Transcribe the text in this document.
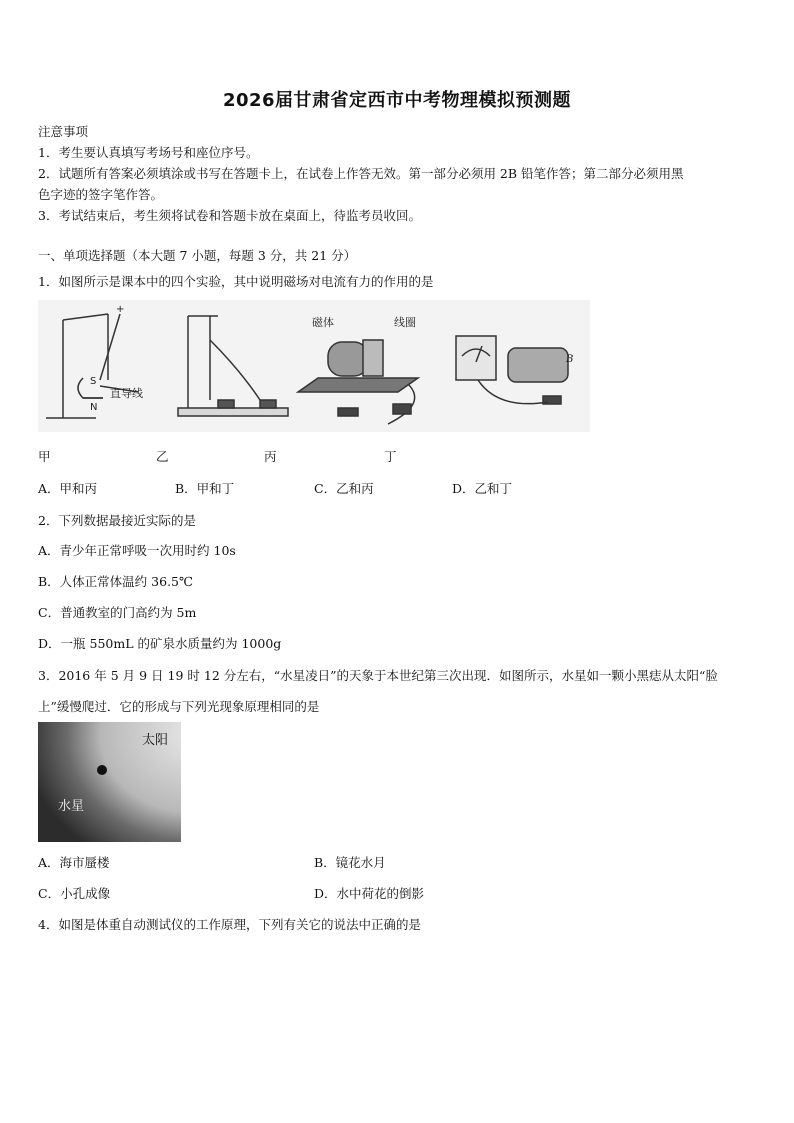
2026届甘肃省定西市中考物理模拟预测题
注意事项
1．考生要认真填写考场号和座位序号。
2．试题所有答案必须填涂或书写在答题卡上，在试卷上作答无效。第一部分必须用 2B 铅笔作答；第二部分必须用黑
色字迹的签字笔作答。
3．考试结束后，考生须将试卷和答题卡放在桌面上，待监考员收回。
一、单项选择题（本大题 7 小题，每题 3 分，共 21 分）
1．如图所示是课本中的四个实验，其中说明磁场对电流有力的作用的是
S
N
+
直导线
磁体	线圈
B
甲	乙	丙	丁
A．甲和丙	B．甲和丁	C．乙和丙	D．乙和丁
2．下列数据最接近实际的是
A．青少年正常呼吸一次用时约 10s
B．人体正常体温约 36.5℃
C．普通教室的门高约为 5m
D．一瓶 550mL 的矿泉水质量约为 1000g
3．2016 年 5 月 9 日 19 时 12 分左右，“水星凌日”的天象于本世纪第三次出现．如图所示，水星如一颗小黑痣从太阳“脸
上”缓慢爬过．它的形成与下列光现象原理相同的是
太阳
水星
A．海市蜃楼	B．镜花水月
C．小孔成像	D．水中荷花的倒影
4．如图是体重自动测试仪的工作原理，下列有关它的说法中正确的是
